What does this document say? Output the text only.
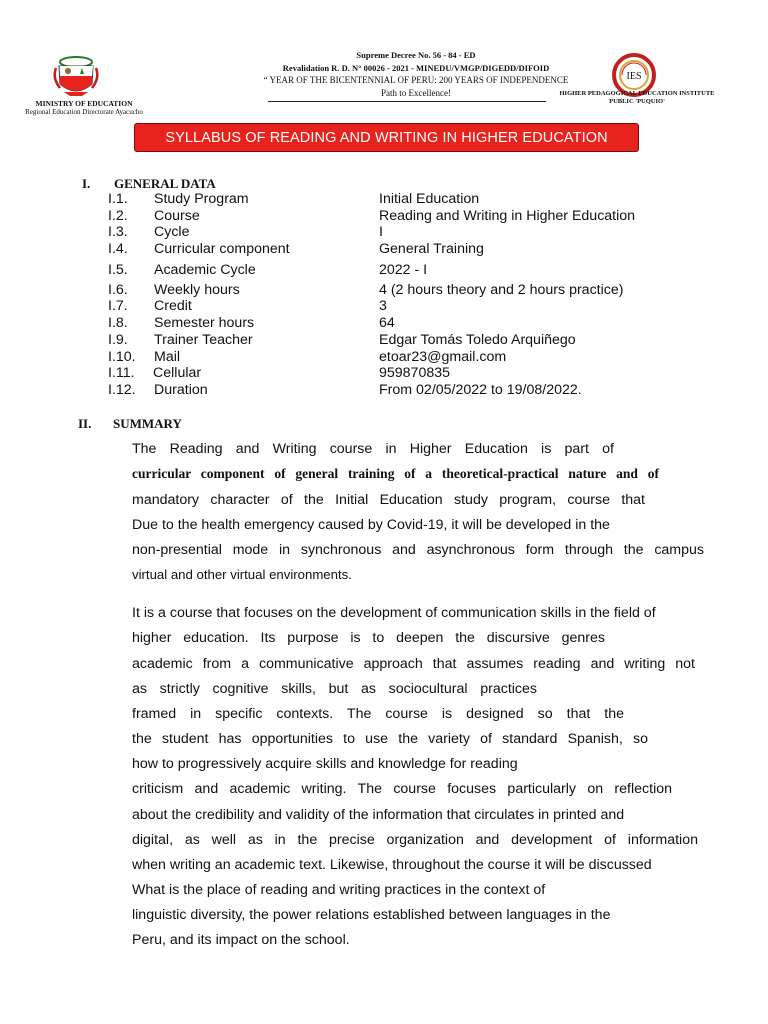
MINISTRY OF EDUCATION
Regional Education Directorate Ayacucho
Supreme Decree No. 56 - 84 - ED
Revalidation R. D. N° 00026 - 2021 - MINEDU/VMGP/DIGEDD/DIFOID
“ YEAR OF THE BICENTENNIAL OF PERU: 200 YEARS OF INDEPENDENCE
Path to Excellence!
IES
HIGHER PEDAGOGICAL EDUCATION INSTITUTE
PUBLIC 'PUQUIO'
SYLLABUS OF READING AND WRITING IN HIGHER EDUCATION
I. GENERAL DATA
I.1. Study Program	Initial Education
I.2. Course	Reading and Writing in Higher Education
I.3. Cycle	I
I.4. Curricular component	General Training
I.5. Academic Cycle	2022 - I
I.6. Weekly hours	4 (2 hours theory and 2 hours practice)
I.7. Credit	3
I.8. Semester hours	64
I.9. Trainer Teacher	Edgar Tomás Toledo Arquiñego
I.10. Mail	etoar23@gmail.com
I.11. Cellular	959870835
I.12. Duration	From 02/05/2022 to 19/08/2022.
II. SUMMARY
The Reading and Writing course in Higher Education is part of
curricular component of general training of a theoretical-practical nature and of
mandatory character of the Initial Education study program, course that
Due to the health emergency caused by Covid-19, it will be developed in the
non-presential mode in synchronous and asynchronous form through the campus
virtual and other virtual environments.
It is a course that focuses on the development of communication skills in the field of
higher education. Its purpose is to deepen the discursive genres
academic from a communicative approach that assumes reading and writing not
as strictly cognitive skills, but as sociocultural practices
framed in specific contexts. The course is designed so that the
the student has opportunities to use the variety of standard Spanish, so
how to progressively acquire skills and knowledge for reading
criticism and academic writing. The course focuses particularly on reflection
about the credibility and validity of the information that circulates in printed and
digital, as well as in the precise organization and development of information
when writing an academic text. Likewise, throughout the course it will be discussed
What is the place of reading and writing practices in the context of
linguistic diversity, the power relations established between languages in the
Peru, and its impact on the school.
